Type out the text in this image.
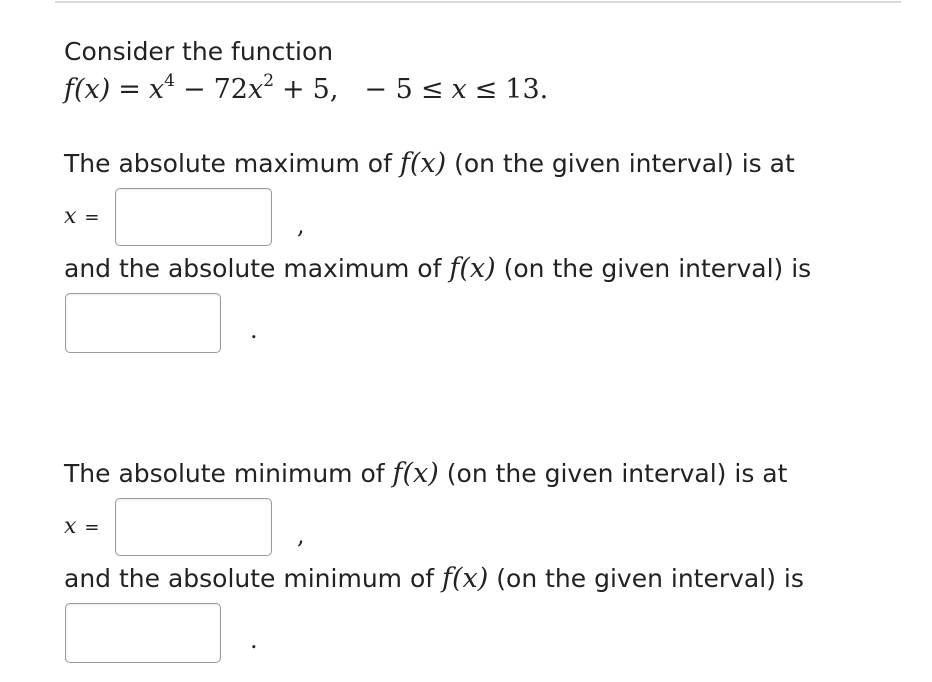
Consider the function
$f(x) = x^4 - 72x^2 + 5$, − 5 ≤ x ≤ 13.
The absolute maximum of f(x) (on the given interval) is at
x =	,
and the absolute maximum of f(x) (on the given interval) is
.
The absolute minimum of f(x) (on the given interval) is at
x =	,
and the absolute minimum of f(x) (on the given interval) is
.
